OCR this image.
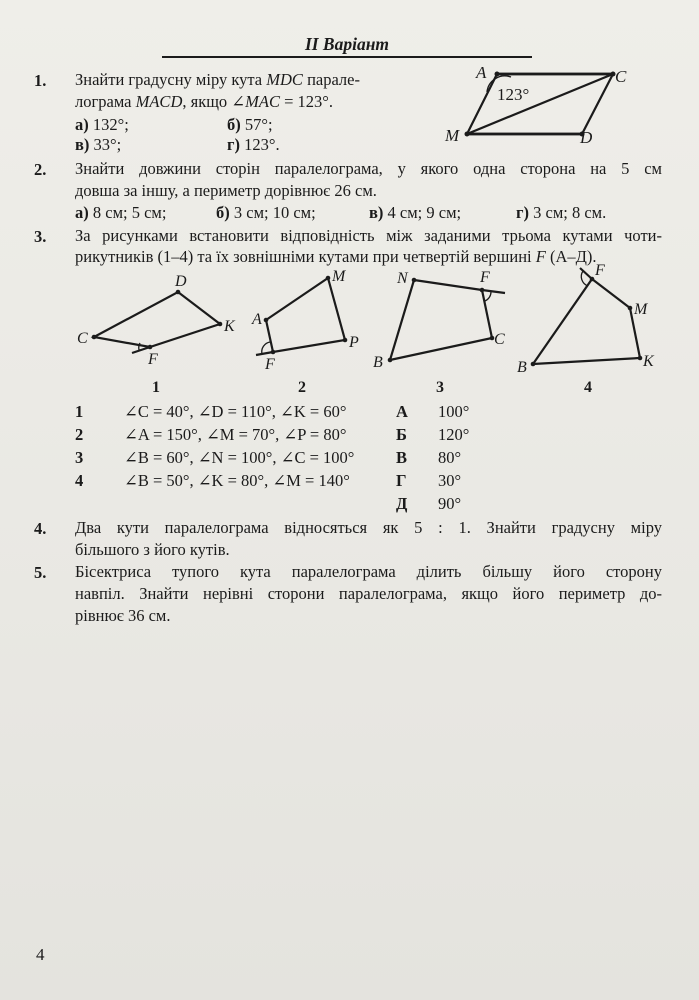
II Варіант
1. Знайти градусну міру кута MDC парале-
лограма MACD, якщо ∠MAC = 123°.
а) 132°;	б) 57°;
в) 33°;	г) 123°.
A	C
M	D
123°
2. Знайти довжини сторін паралелограма, у якого одна сторона на 5 см
довша за іншу, а периметр дорівнює 26 см.
а) 8 см; 5 см;	б) 3 см; 10 см;	в) 4 см; 9 см;	г) 3 см; 8 см.
3. За рисунками встановити відповідність між заданими трьома кутами чоти-
рикутників (1–4) та їх зовнішніми кутами при четвертій вершині F (А–Д).
D
C
K
F
M
A
P
F
N	F
C
B
F
M
B	K
1	2	3	4
1 ∠C = 40°, ∠D = 110°, ∠K = 60°
2 ∠A = 150°, ∠M = 70°, ∠P = 80°
3 ∠B = 60°, ∠N = 100°, ∠C = 100°
4 ∠B = 50°, ∠K = 80°, ∠M = 140°
А 100°
Б 120°
В 80°
Г 30°
Д 90°
4. Два кути паралелограма відносяться як 5 : 1. Знайти градусну міру
більшого з його кутів.
5. Бісектриса тупого кута паралелограма ділить більшу його сторону
навпіл. Знайти нерівні сторони паралелограма, якщо його периметр до-
рівнює 36 см.
4
